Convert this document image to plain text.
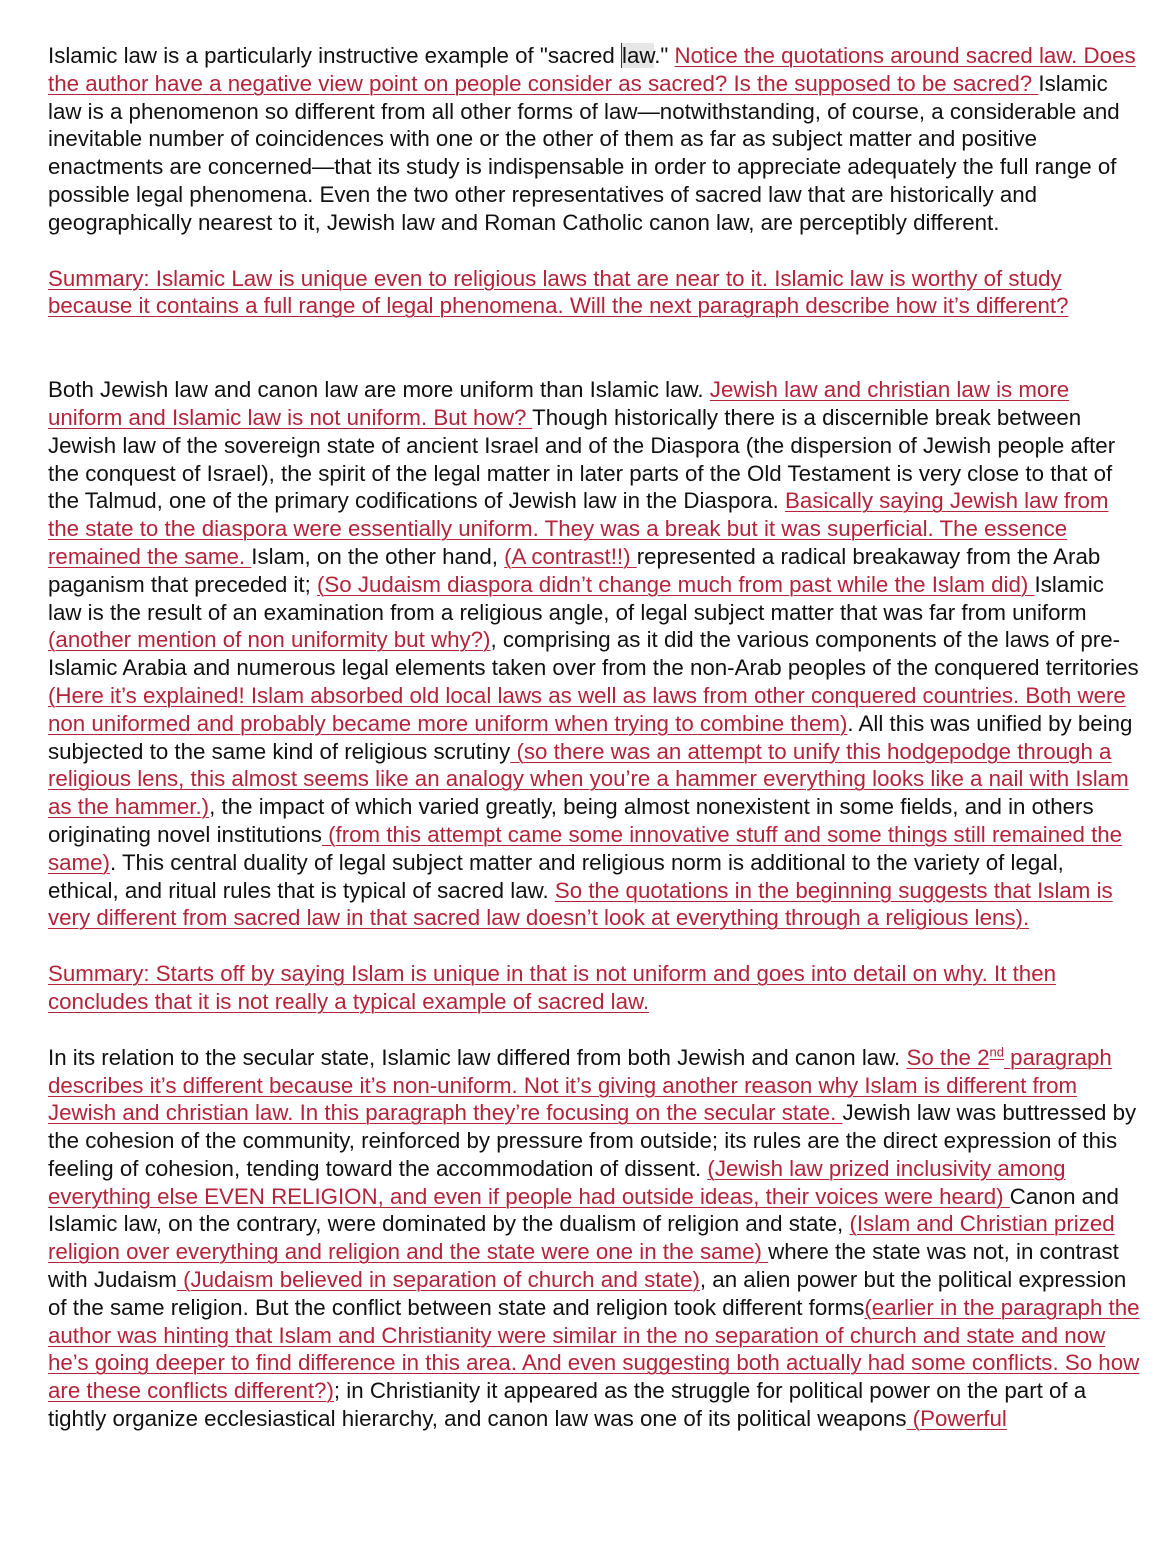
Islamic law is a particularly instructive example of "sacred law." Notice the quotations around sacred law. Does the author have a negative view point on people consider as sacred? Is the supposed to be sacred? Islamic law is a phenomenon so different from all other forms of law—notwithstanding, of course, a considerable and inevitable number of coincidences with one or the other of them as far as subject matter and positive enactments are concerned—that its study is indispensable in order to appreciate adequately the full range of possible legal phenomena. Even the two other representatives of sacred law that are historically and geographically nearest to it, Jewish law and Roman Catholic canon law, are perceptibly different.

Summary: Islamic Law is unique even to religious laws that are near to it. Islamic law is worthy of study because it contains a full range of legal phenomena. Will the next paragraph describe how it’s different?

Both Jewish law and canon law are more uniform than Islamic law. Jewish law and christian law is more uniform and Islamic law is not uniform. But how? Though historically there is a discernible break between Jewish law of the sovereign state of ancient Israel and of the Diaspora (the dispersion of Jewish people after the conquest of Israel), the spirit of the legal matter in later parts of the Old Testament is very close to that of the Talmud, one of the primary codifications of Jewish law in the Diaspora. Basically saying Jewish law from the state to the diaspora were essentially uniform. They was a break but it was superficial. The essence remained the same. Islam, on the other hand, (A contrast!!) represented a radical breakaway from the Arab paganism that preceded it; (So Judaism diaspora didn’t change much from past while the Islam did) Islamic law is the result of an examination from a religious angle, of legal subject matter that was far from uniform (another mention of non uniformity but why?), comprising as it did the various components of the laws of pre-Islamic Arabia and numerous legal elements taken over from the non-Arab peoples of the conquered territories (Here it’s explained! Islam absorbed old local laws as well as laws from other conquered countries. Both were non uniformed and probably became more uniform when trying to combine them). All this was unified by being subjected to the same kind of religious scrutiny (so there was an attempt to unify this hodgepodge through a religious lens, this almost seems like an analogy when you’re a hammer everything looks like a nail with Islam as the hammer.), the impact of which varied greatly, being almost nonexistent in some fields, and in others originating novel institutions (from this attempt came some innovative stuff and some things still remained the same). This central duality of legal subject matter and religious norm is additional to the variety of legal, ethical, and ritual rules that is typical of sacred law. So the quotations in the beginning suggests that Islam is very different from sacred law in that sacred law doesn’t look at everything through a religious lens).

Summary: Starts off by saying Islam is unique in that is not uniform and goes into detail on why. It then concludes that it is not really a typical example of sacred law.

In its relation to the secular state, Islamic law differed from both Jewish and canon law. So the 2nd paragraph describes it’s different because it’s non-uniform. Not it’s giving another reason why Islam is different from Jewish and christian law. In this paragraph they’re focusing on the secular state. Jewish law was buttressed by the cohesion of the community, reinforced by pressure from outside; its rules are the direct expression of this feeling of cohesion, tending toward the accommodation of dissent. (Jewish law prized inclusivity among everything else EVEN RELIGION, and even if people had outside ideas, their voices were heard) Canon and Islamic law, on the contrary, were dominated by the dualism of religion and state, (Islam and Christian prized religion over everything and religion and the state were one in the same) where the state was not, in contrast with Judaism (Judaism believed in separation of church and state), an alien power but the political expression of the same religion. But the conflict between state and religion took different forms(earlier in the paragraph the author was hinting that Islam and Christianity were similar in the no separation of church and state and now he’s going deeper to find difference in this area. And even suggesting both actually had some conflicts. So how are these conflicts different?); in Christianity it appeared as the struggle for political power on the part of a tightly organize ecclesiastical hierarchy, and canon law was one of its political weapons (Powerful
